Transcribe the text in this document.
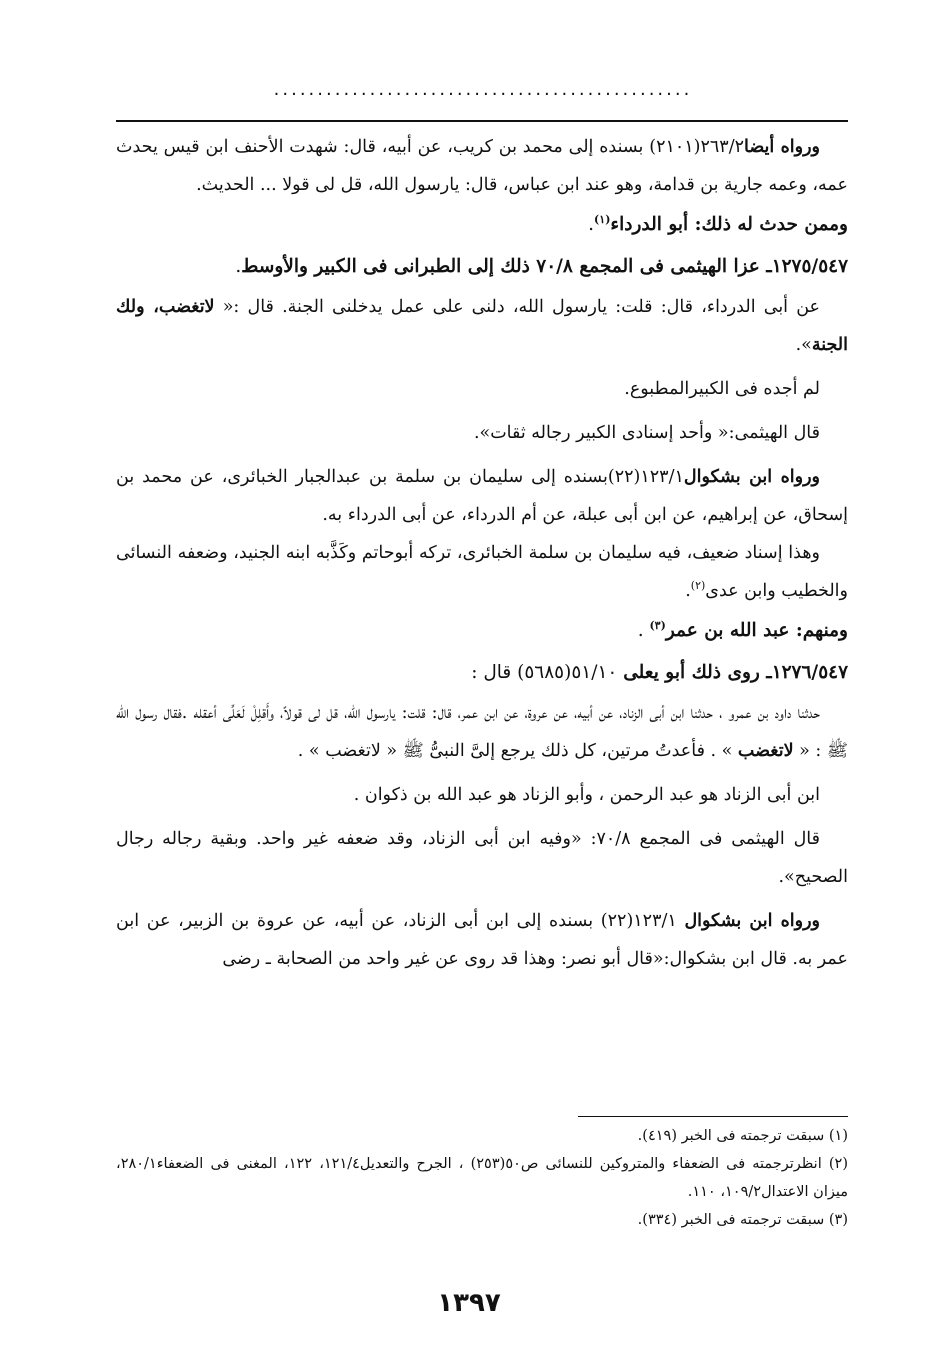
................................................

ورواه أيضا٢٦٣/٢(٢١٠١) بسنده إلى محمد بن كريب، عن أبيه، قال: شهدت الأحنف ابن قيس يحدث عمه، وعمه جارية بن قدامة، وهو عند ابن عباس، قال: يارسول الله، قل لى قولا ... الحديث.

وممن حدث له ذلك: أبو الدرداء$^{(١)}$.

١٢٧٥/٥٤٧ـ عزا الهيثمى فى المجمع ٧٠/٨ ذلك إلى الطبرانى فى الكبير والأوسط.

عن أبى الدرداء، قال: قلت: يارسول الله، دلنى على عمل يدخلنى الجنة. قال :« لاتغضب، ولك الجنة».

لم أجده فى الكبيرالمطبوع.

قال الهيثمى:« وأحد إسنادى الكبير رجاله ثقات».

ورواه ابن بشكوال١٢٣/١(٢٢)بسنده إلى سليمان بن سلمة بن عبدالجبار الخبائرى، عن محمد بن إسحاق، عن إبراهيم، عن ابن أبى عبلة، عن أم الدرداء، عن أبى الدرداء به.

وهذا إسناد ضعيف، فيه سليمان بن سلمة الخبائرى، تركه أبوحاتم وكَذَّبه ابنه الجنيد، وضعفه النسائى والخطيب وابن عدى$^{(٢)}$.

ومنهم: عبد الله بن عمر$^{(٣)}$ .

١٢٧٦/٥٤٧ـ روى ذلك أبو يعلى ٥١/١٠(٥٦٨٥) قال :

حدثنا داود بن عمرو ، حدثنا ابن أبى الزناد، عن أبيه، عن عروة، عن ابن عمر، قال: قلت: يارسول الله، قل لى قولاً، وأَقلِلْ لَعَلِّى أعقله .فقال رسول الله ﷺ : « لاتغضب » . فأعدتُ مرتين، كل ذلك يرجع إلىَّ النبىُّ ﷺ « لاتغضب » .

ابن أبى الزناد هو عبد الرحمن ، وأبو الزناد هو عبد الله بن ذكوان .

قال الهيثمى فى المجمع ٧٠/٨: «وفيه ابن أبى الزناد، وقد ضعفه غير واحد. وبقية رجاله رجال الصحيح».

ورواه ابن بشكوال ١٢٣/١(٢٢) بسنده إلى ابن أبى الزناد، عن أبيه، عن عروة بن الزبير، عن ابن عمر به. قال ابن بشكوال:«قال أبو نصر: وهذا قد روى عن غير واحد من الصحابة ـ رضى

(١) سبقت ترجمته فى الخبر (٤١٩).

(٢) انظرترجمته فى الضعفاء والمتروكين للنسائى ص٥٠(٢٥٣) ، الجرح والتعديل١٢١/٤، ١٢٢، المغنى فى الضعفاء٢٨٠/١، ميزان الاعتدال١٠٩/٢، ١١٠.

(٣) سبقت ترجمته فى الخبر (٣٣٤).

١٣٩٧
